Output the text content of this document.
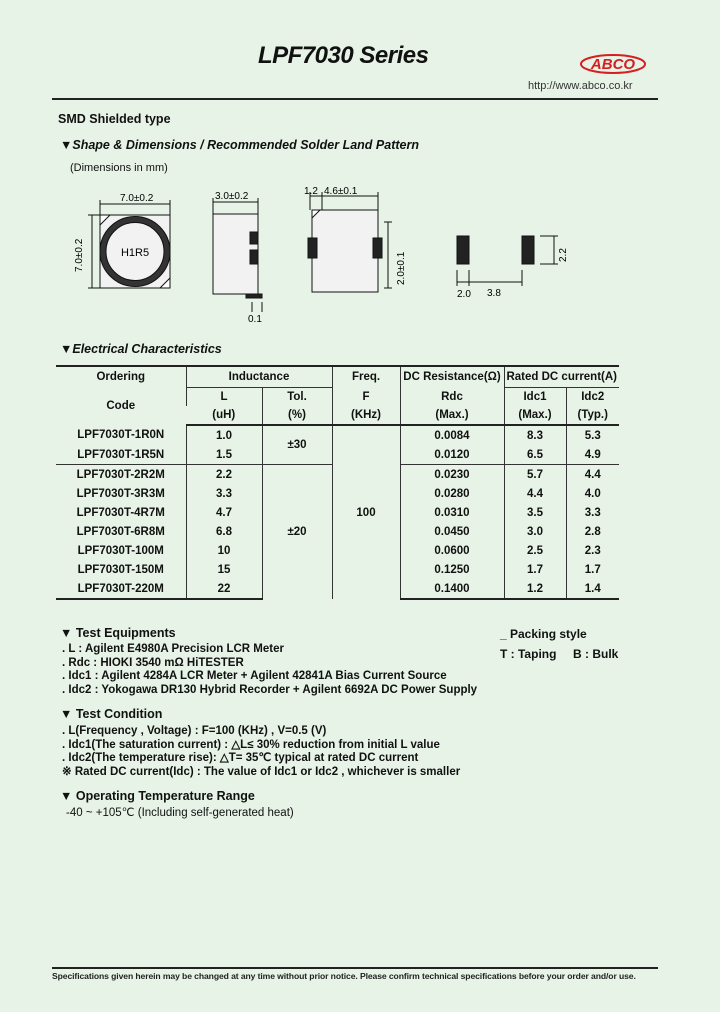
LPF7030 Series	ABCO
http://www.abco.co.kr
SMD Shielded type
▼Shape & Dimensions / Recommended Solder Land Pattern
(Dimensions in mm)
7.0±0.2
7.0±0.2	H1R5
3.0±0.2
0.1
1.2 4.6±0.1
2.0±0.1
2.0 3.8
2.2
▼Electrical Characteristics
Ordering	Inductance		Freq.	DC Resistance(Ω)	Rated DC current(A)	
Code	L	Tol.	F	Rdc	Idc1	Idc2
	(uH)	(%)	(KHz)	(Max.)	(Max.)	(Typ.)
LPF7030T-1R0N	1.0	±30	100	0.0084	8.3	5.3
LPF7030T-1R5N	1.5			0.0120	6.5	4.9
LPF7030T-2R2M	2.2	±20		0.0230	5.7	4.4
LPF7030T-3R3M	3.3			0.0280	4.4	4.0
LPF7030T-4R7M	4.7			0.0310	3.5	3.3
LPF7030T-6R8M	6.8			0.0450	3.0	2.8
LPF7030T-100M	10			0.0600	2.5	2.3
LPF7030T-150M	15			0.1250	1.7	1.7
LPF7030T-220M	22			0.1400	1.2	1.4
▼ Test Equipments
. L : Agilent E4980A Precision LCR Meter
. Rdc : HIOKI 3540 mΩ HiTESTER
. Idc1 : Agilent 4284A LCR Meter + Agilent 42841A Bias Current Source
. Idc2 : Yokogawa DR130 Hybrid Recorder + Agilent 6692A DC Power Supply
_ Packing style
T : Taping B : Bulk
▼ Test Condition
. L(Frequency , Voltage) : F=100 (KHz) , V=0.5 (V)
. Idc1(The saturation current) : △L≤ 30% reduction from initial L value
. Idc2(The temperature rise): △T= 35℃ typical at rated DC current
※ Rated DC current(Idc) : The value of Idc1 or Idc2 , whichever is smaller
▼ Operating Temperature Range
-40 ~ +105℃ (Including self-generated heat)
Specifications given herein may be changed at any time without prior notice. Please confirm technical specifications before your order and/or use.
